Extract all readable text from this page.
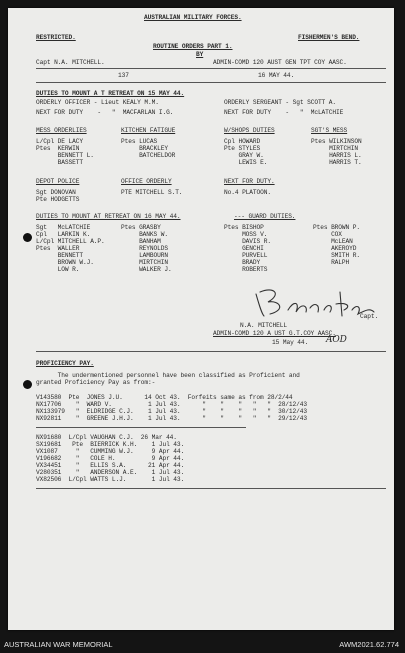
AUSTRALIAN MILITARY FORCES.
RESTRICTED.	FISHERMEN'S BEND.
ROUTINE ORDERS PART 1.
BY
Capt N.A. MITCHELL.	ADMIN-COMD 120 AUST GEN TPT COY AASC.
137	16 MAY 44.
DUTIES TO MOUNT A T RETREAT ON 15 MAY 44.
ORDERLY OFFICER - Lieut KEALY M.M.	ORDERLY SERGEANT - Sgt SCOTT A.
NEXT FOR DUTY    -   "  MACFARLAN I.G.	NEXT FOR DUTY    -   "  McLATCHIE
MESS ORDERLIES
L/Cpl DE LACY
Ptes  KERWIN
BENNETT L.
BASSETT
KITCHEN FATIGUE
Ptes LUCAS
BRACKLEY
BATCHELDOR
W/SHOPS DUTIES
Cpl HOWARD
Pte STYLES
GRAY W.
LEWIS E.
SGT'S MESS
Ptes WILKINSON
MIRTCHIN
HARRIS L.
HARRIS T.
DEPOT POLICE
Sgt DONOVAN
Pte HODGETTS
OFFICE ORDERLY
PTE MITCHELL S.T.
NEXT FOR DUTY.
No.4 PLATOON.
DUTIES TO MOUNT AT RETREAT ON 16 MAY 44.	--- GUARD DUTIES.
Sgt   McLATCHIE
Cpl   LARKIN K.
L/Cpl MITCHELL A.P.
Ptes  WALLER
BENNETT
BROWN W.J.
LOW R.
Ptes GRASBY
BANKS W.
BANHAM
REYNOLDS
LAMBOURN
MIRTCHIN
WALKER J.
Ptes BISHOP
MOSS V.
DAVIS R.
GENCHI
PURVELL
BRADY
ROBERTS
Ptes BROWN P.
COX
McLEAN
AKEROYD
SMITH R.
RALPH
Capt.
N.A. MITCHELL
ADMIN-COMD 120 A UST G.T.COY AASC.
15 May 44. AOD
PROFICIENCY PAY.
The undermentioned personnel have been classified as Proficient and
granted Proficiency Pay as from:-
V143580  Pte  JONES J.U.      14 Oct 43.  Forfeits same as from 28/2/44
NX17706    "  WARD V.          1 Jul 43.      "    "    "   "   "  28/12/43
NX133979   "  ELDRIDGE C.J.    1 Jul 43.      "    "    "   "   "  30/12/43
NX92811    "  GREENE J.H.J.    1 Jul 43.      "    "    "   "   "  29/12/43
NX91680  L/Cpl VAUGHAN C.J.  26 Mar 44.
SX19681   Pte  BIERRICK K.H.    1 Jul 43.
VX1087     "   CUMMING W.J.     9 Apr 44.
V196682    "   COLE H.          9 Apr 44.
VX34451    "   ELLIS S.A.      21 Apr 44.
V280351    "   ANDERSON A.E.    1 Jul 43.
VX82506  L/Cpl WATTS L.J.       1 Jul 43.
AUSTRALIAN WAR MEMORIAL	AWM2021.62.774
